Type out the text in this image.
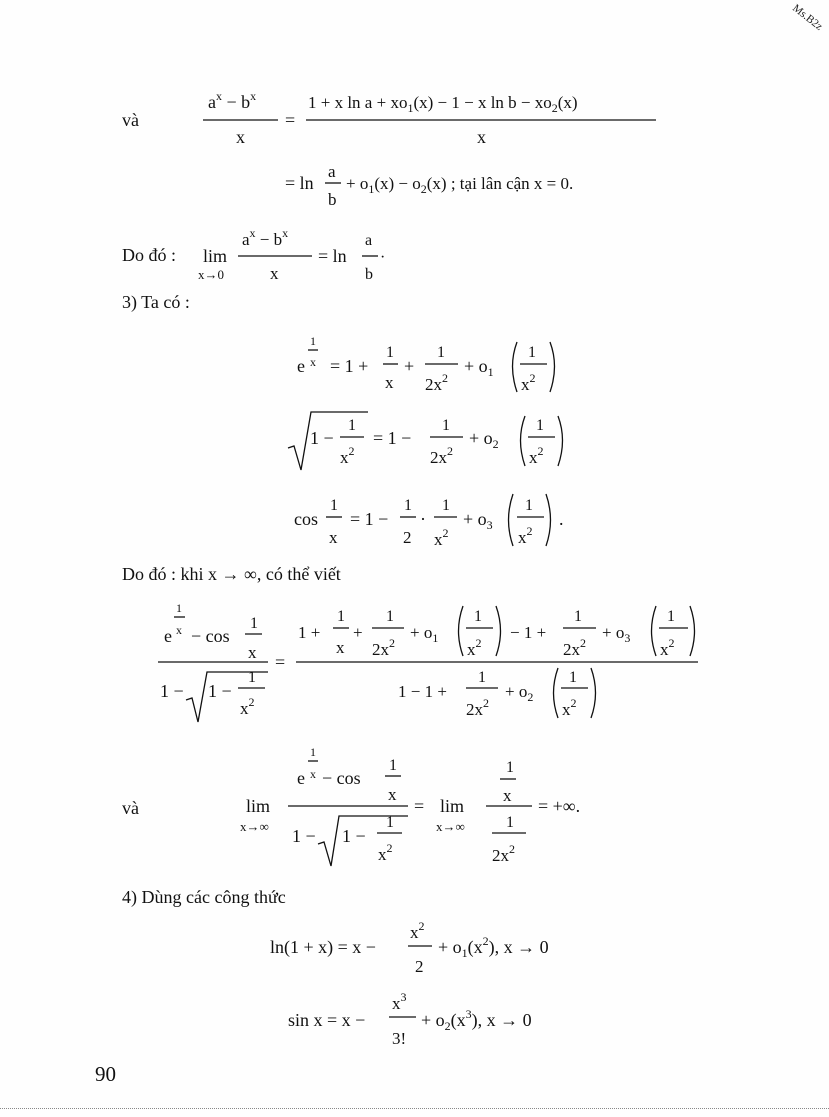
Ms.B2z
và
Do đó :
3) Ta có :
Do đó : khi x → ∞, có thể viết
và
4) Dùng các công thức
$a^x - b^x$
x
=
1 + x $\ln a + xo_1(x) - 1 - x$ $\ln b - xo_2(x)$
x
= ln
a
b
+ $o_1(x) - o_2(x)$ ; tại lân cận x = 0.
lim
x→0
$a^x - b^x$
x
= ln
a
b
·
e
1
x = 1 +
1
x
+
1
$2x^2$
+ $o_1$
1
$x^2$
1 −
1
$x^2$
= 1 −
1
$2x^2$
+ $o_2$
1
$x^2$
cos
1
x
= 1 −
1
2
·
1
$x^2$
+ $o_3$
1
$x^2$
.
e
1
x − cos
1
x
1 − 1 −
1
$x^2$
=
1 +
1
x
+
1
$2x^2$
+ $o_1$
1
$x^2$
− 1 +
1
$2x^2$
+ $o_3$
1
$x^2$
1 − 1 +
1
$2x^2$
+ $o_2$
1
$x^2$
lim
x→∞
e
1
x − cos
1
x
1 − 1 −
1
$x^2$
= lim
x→∞
1
x
1
$2x^2$
= +∞.
ln(1 + x) = x −
$x^2$
2
+ $o_1(x^2)$, x → 0
sin x = x −
$x^3$
3!
+ $o_2(x^3)$, x → 0
90
